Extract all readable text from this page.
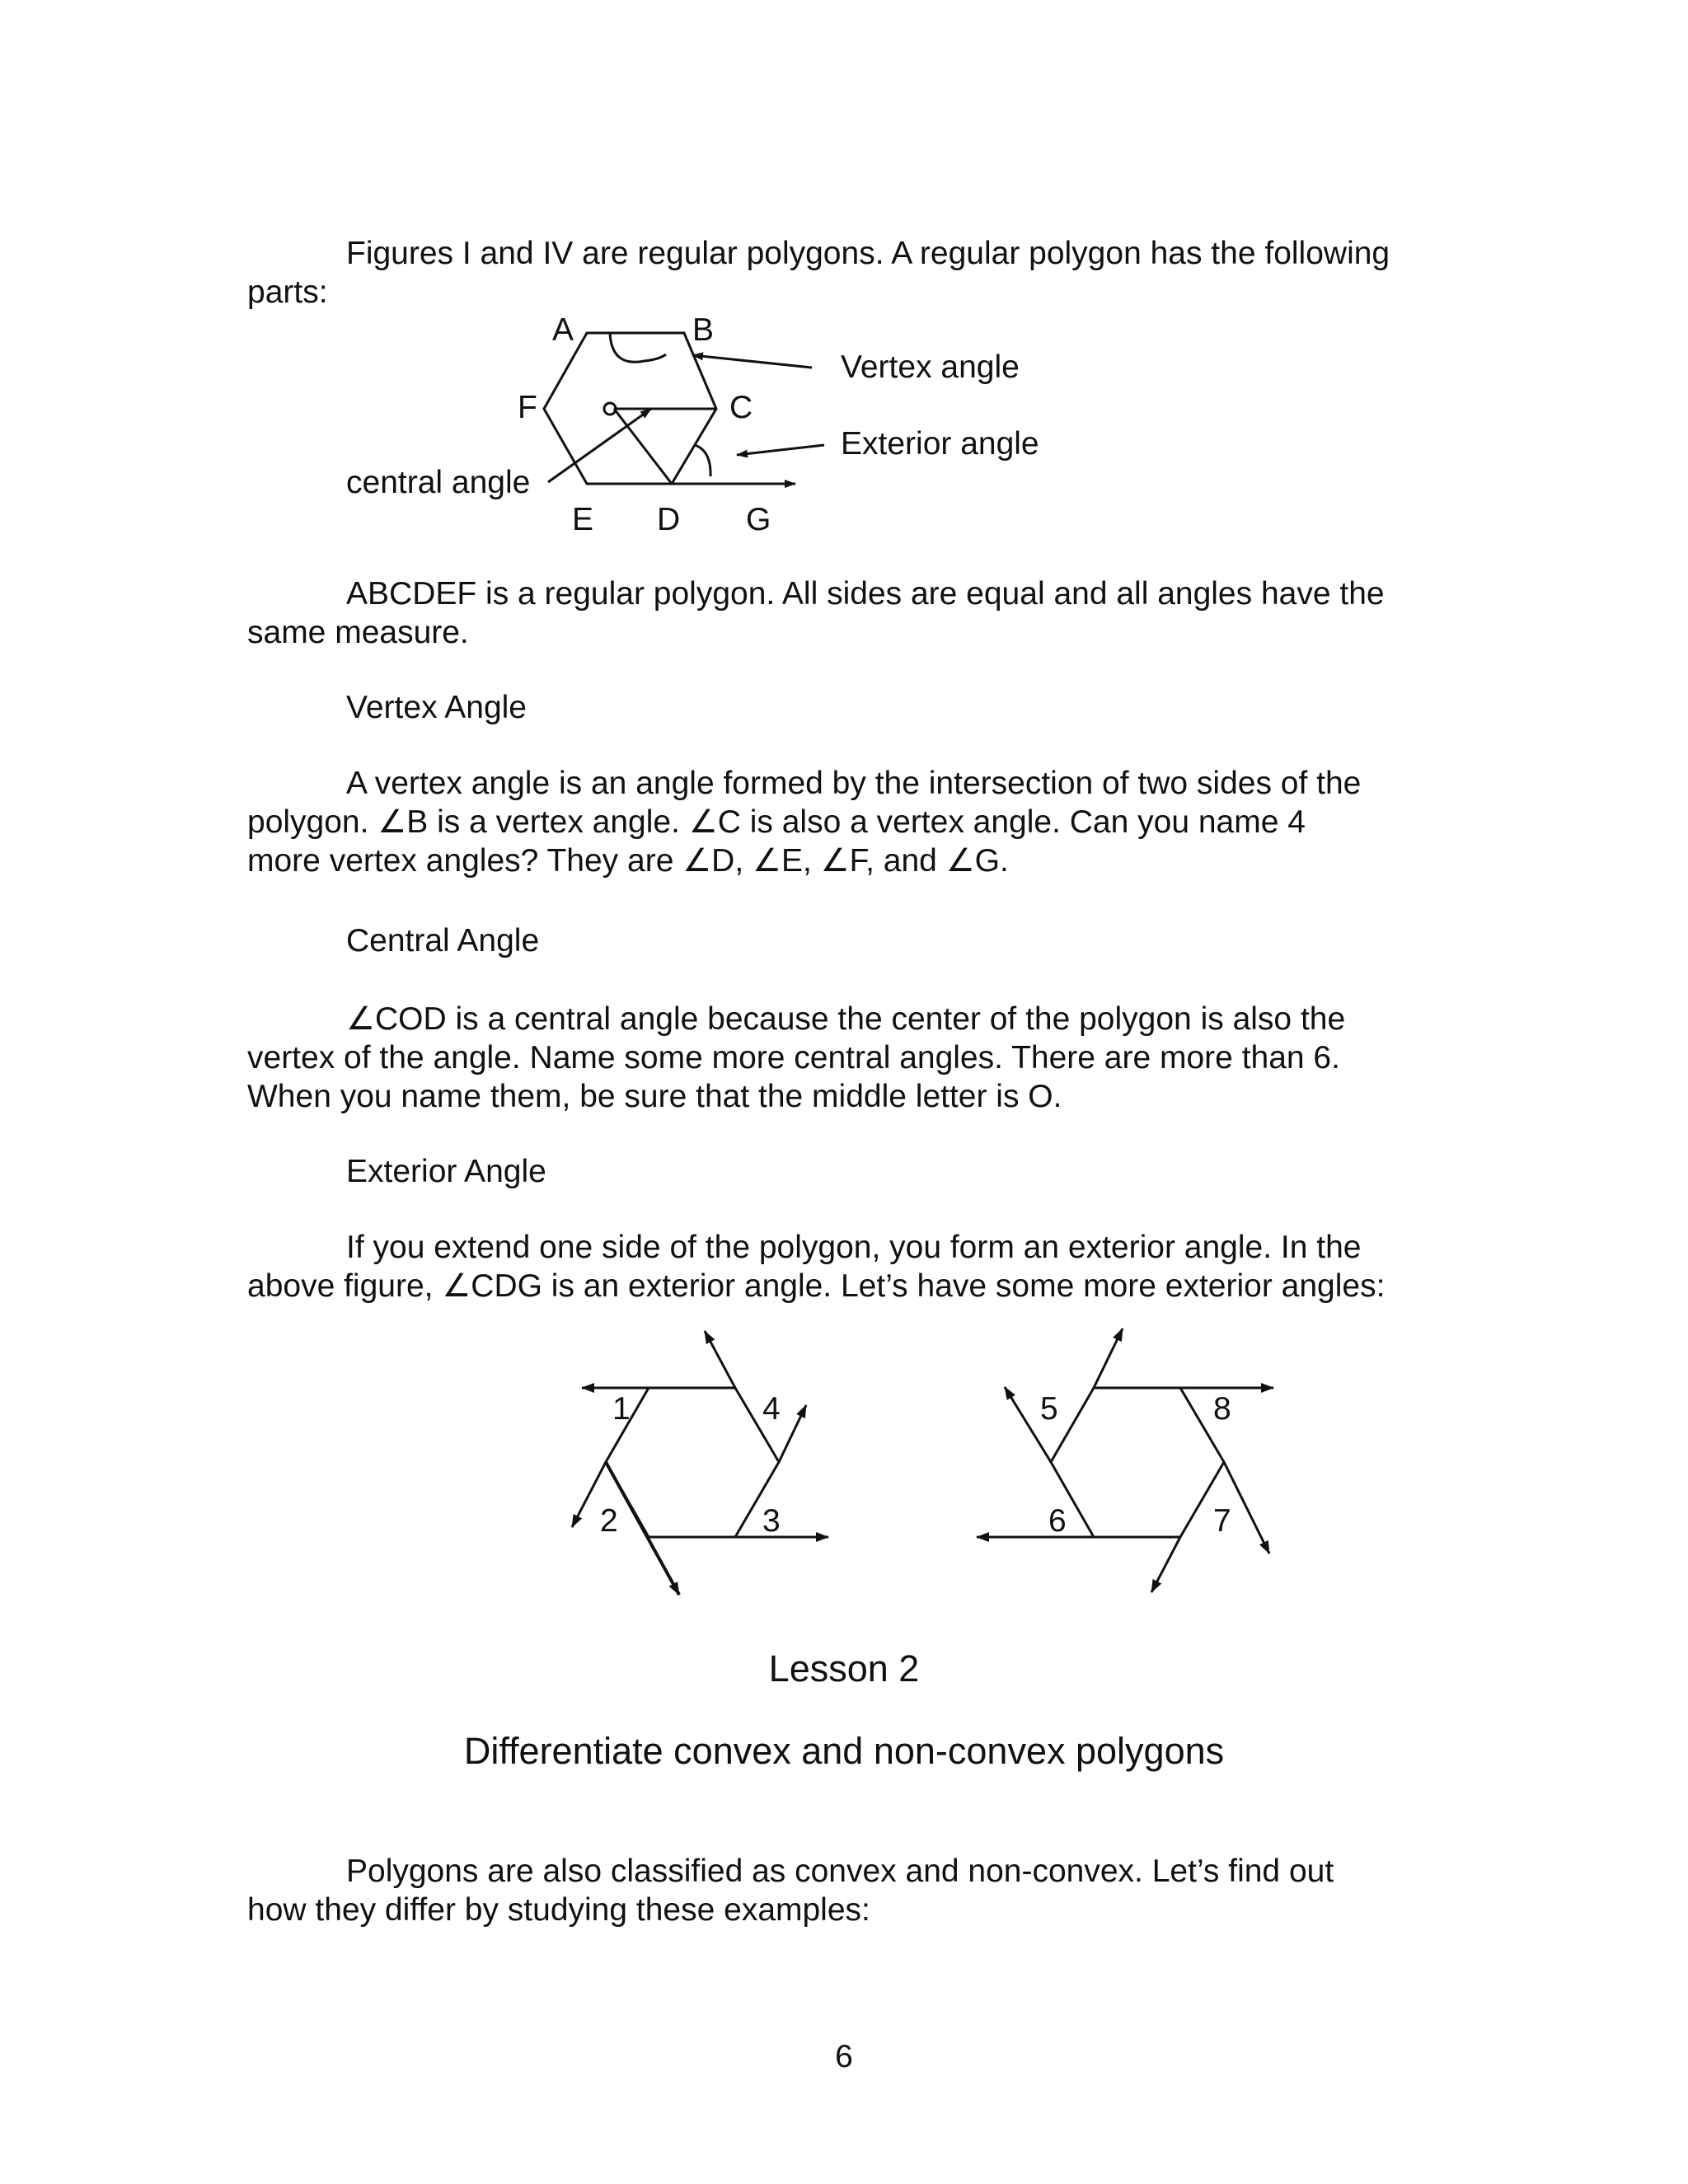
Figures I and IV are regular polygons. A regular polygon has the following
parts:

A	B
C
F
E D G
Vertex angle
Exterior angle
central angle

ABCDEF is a regular polygon. All sides are equal and all angles have the
same measure.

Vertex Angle

A vertex angle is an angle formed by the intersection of two sides of the
polygon. ∠B is a vertex angle. ∠C is also a vertex angle. Can you name 4
more vertex angles? They are ∠D, ∠E, ∠F, and ∠G.

Central Angle

∠COD is a central angle because the center of the polygon is also the
vertex of the angle. Name some more central angles. There are more than 6.
When you name them, be sure that the middle letter is O.

Exterior Angle

If you extend one side of the polygon, you form an exterior angle. In the
above figure, ∠CDG is an exterior angle. Let’s have some more exterior angles:

1
2	3
4	5
6	7
8

Lesson 2

Differentiate convex and non-convex polygons

Polygons are also classified as convex and non-convex. Let’s find out
how they differ by studying these examples:

6
